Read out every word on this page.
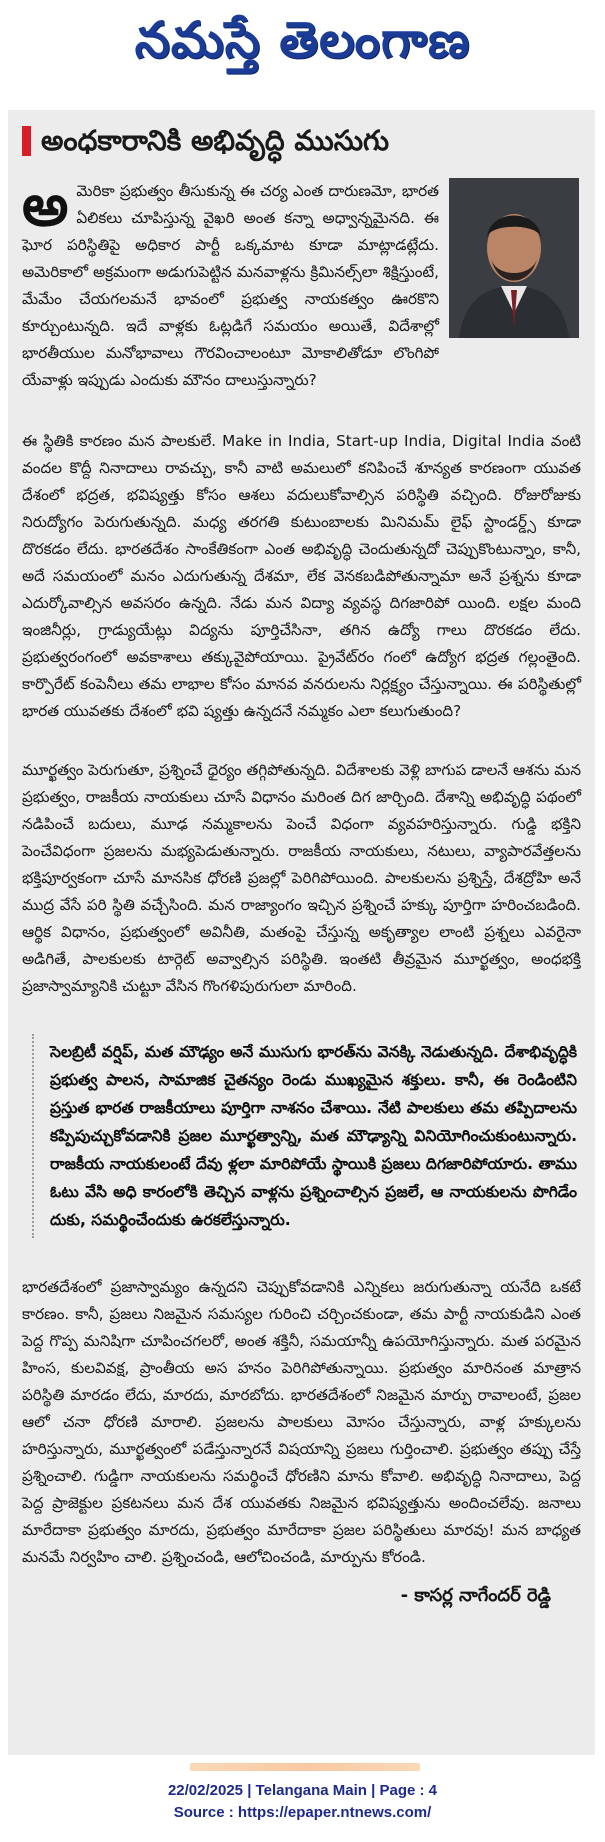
నమస్తే తెలంగాణ
అంధకారానికి అభివృద్ధి ముసుగు

అమెరికా ప్రభుత్వం తీసుకున్న ఈ చర్య ఎంత దారుణమో, భారత ఏలికలు చూపిస్తున్న వైఖరి అంత కన్నా అధ్వాన్నమైనది. ఈ ఘోర పరిస్థితిపై అధికార పార్టీ ఒక్కమాట కూడా మాట్లాడట్లేదు. అమెరికాలో అక్రమంగా అడుగుపెట్టిన మనవాళ్లను క్రిమినల్స్‌లా శిక్షిస్తుంటే, మేమేం చేయగలమనే భావంలో ప్రభుత్వ నాయకత్వం ఊరకొని కూర్చుంటున్నది. ఇదే వాళ్లకు ఓట్లడిగే సమయం అయితే, విదేశాల్లో భారతీయుల మనోభావాలు గౌరవించాలంటూ మోకాలితోడూ లొంగిపో యేవాళ్లు ఇప్పుడు ఎందుకు మౌనం దాలుస్తున్నారు?

ఈ స్థితికి కారణం మన పాలకులే. Make in India, Start-up India, Digital India వంటి వందల కొద్దీ నినాదాలు రావచ్చు, కానీ వాటి అమలులో కనిపించే శూన్యత కారణంగా యువత దేశంలో భద్రత, భవిష్యత్తు కోసం ఆశలు వదులుకోవాల్సిన పరిస్థితి వచ్చింది. రోజురోజుకు నిరుద్యోగం పెరుగుతున్నది. మధ్య తరగతి కుటుంబాలకు మినిమమ్ లైఫ్ స్టాండర్డ్స్ కూడా దొరకడం లేదు. భారతదేశం సాంకేతికంగా ఎంత అభివృద్ధి చెందుతున్నదో చెప్పుకొంటున్నాం, కానీ, అదే సమయంలో మనం ఎదుగుతున్న దేశమా, లేక వెనకబడిపోతున్నామా అనే ప్రశ్నను కూడా ఎదుర్కోవాల్సిన అవసరం ఉన్నది. నేడు మన విద్యా వ్యవస్థ దిగజారిపో యింది. లక్షల మంది ఇంజినీర్లు, గ్రాడ్యుయేట్లు విద్యను పూర్తిచేసినా, తగిన ఉద్యో గాలు దొరకడం లేదు. ప్రభుత్వరంగంలో అవకాశాలు తక్కువైపోయాయి. ప్రైవేట్‌రం గంలో ఉద్యోగ భద్రత గల్లంతైంది. కార్పొరేట్ కంపెనీలు తమ లాభాల కోసం మానవ వనరులను నిర్లక్ష్యం చేస్తున్నాయి. ఈ పరిస్థితుల్లో భారత యువతకు దేశంలో భవి ష్యత్తు ఉన్నదనే నమ్మకం ఎలా కలుగుతుంది?

మూర్ఖత్వం పెరుగుతూ, ప్రశ్నించే ధైర్యం తగ్గిపోతున్నది. విదేశాలకు వెళ్లి బాగుప డాలనే ఆశను మన ప్రభుత్వం, రాజకీయ నాయకులు చూసే విధానం మరింత దిగ జార్చింది. దేశాన్ని అభివృద్ధి పథంలో నడిపించే బదులు, మూఢ నమ్మకాలను పెంచే విధంగా వ్యవహరిస్తున్నారు. గుడ్డి భక్తిని పెంచేవిధంగా ప్రజలను మభ్యపెడుతున్నారు. రాజకీయ నాయకులు, నటులు, వ్యాపారవేత్తలను భక్తిపూర్వకంగా చూసే మానసిక ధోరణి ప్రజల్లో పెరిగిపోయింది. పాలకులను ప్రశ్నిస్తే, దేశద్రోహి అనే ముద్ర వేసే పరి స్థితి వచ్చేసింది. మన రాజ్యాంగం ఇచ్చిన ప్రశ్నించే హక్కు పూర్తిగా హరించబడింది. ఆర్థిక విధానం, ప్రభుత్వంలో అవినీతి, మతంపై చేస్తున్న అకృత్యాల లాంటి ప్రశ్నలు ఎవరైనా అడిగితే, పాలకులకు టార్గెట్ అవ్వాల్సిన పరిస్థితి. ఇంతటి తీవ్రమైన మూర్ఖత్వం, అంధభక్తి ప్రజాస్వామ్యానికి చుట్టూ వేసిన గొంగళిపురుగులా మారింది.

సెలబ్రిటీ వర్షిప్, మత మౌఢ్యం అనే ముసుగు భారత్‌ను వెనక్కి నెడుతున్నది. దేశాభివృద్ధికి ప్రభుత్వ పాలన, సామాజిక చైతన్యం రెండు ముఖ్యమైన శక్తులు. కానీ, ఈ రెండింటిని ప్రస్తుత భారత రాజకీయాలు పూర్తిగా నాశనం చేశాయి. నేటి పాలకులు తమ తప్పిదాలను కప్పిపుచ్చుకోవడానికి ప్రజల మూర్ఖత్వాన్ని, మత మౌఢ్యాన్ని వినియోగించుకుంటున్నారు. రాజకీయ నాయకులంటే దేవు ళ్లలా మారిపోయే స్థాయికి ప్రజలు దిగజారిపోయారు. తాము ఓటు వేసి అధి కారంలోకి తెచ్చిన వాళ్లను ప్రశ్నించాల్సిన ప్రజలే, ఆ నాయకులను పొగిడేం దుకు, సమర్థించేందుకు ఉరకలేస్తున్నారు.

భారతదేశంలో ప్రజాస్వామ్యం ఉన్నదని చెప్పుకోవడానికి ఎన్నికలు జరుగుతున్నా యనేది ఒకటే కారణం. కానీ, ప్రజలు నిజమైన సమస్యల గురించి చర్చించకుండా, తమ పార్టీ నాయకుడిని ఎంత పెద్ద గొప్ప మనిషిగా చూపించగలరో, అంత శక్తినీ, సమయాన్నీ ఉపయోగిస్తున్నారు. మత పరమైన హింస, కులవివక్ష, ప్రాంతీయ అస హనం పెరిగిపోతున్నాయి. ప్రభుత్వం మారినంత మాత్రాన పరిస్థితి మారడం లేదు, మారదు, మారబోదు. భారతదేశంలో నిజమైన మార్పు రావాలంటే, ప్రజల ఆలో చనా ధోరణి మారాలి. ప్రజలను పాలకులు మోసం చేస్తున్నారు, వాళ్ల హక్కులను హరిస్తున్నారు, మూర్ఖత్వంలో పడేస్తున్నారనే విషయాన్ని ప్రజలు గుర్తించాలి. ప్రభుత్వం తప్పు చేస్తే ప్రశ్నించాలి. గుడ్డిగా నాయకులను సమర్థించే ధోరణిని మాను కోవాలి. అభివృద్ధి నినాదాలు, పెద్ద పెద్ద ప్రాజెక్టుల ప్రకటనలు మన దేశ యువతకు నిజమైన భవిష్యత్తును అందించలేవు. జనాలు మారేదాకా ప్రభుత్వం మారదు, ప్రభుత్వం మారేదాకా ప్రజల పరిస్థితులు మారవు! మన బాధ్యత మనమే నిర్వహిం చాలి. ప్రశ్నించండి, ఆలోచించండి, మార్పును కోరండి.

- కాసర్ల నాగేందర్ రెడ్డి
22/02/2025 | Telangana Main | Page : 4
Source : https://epaper.ntnews.com/
